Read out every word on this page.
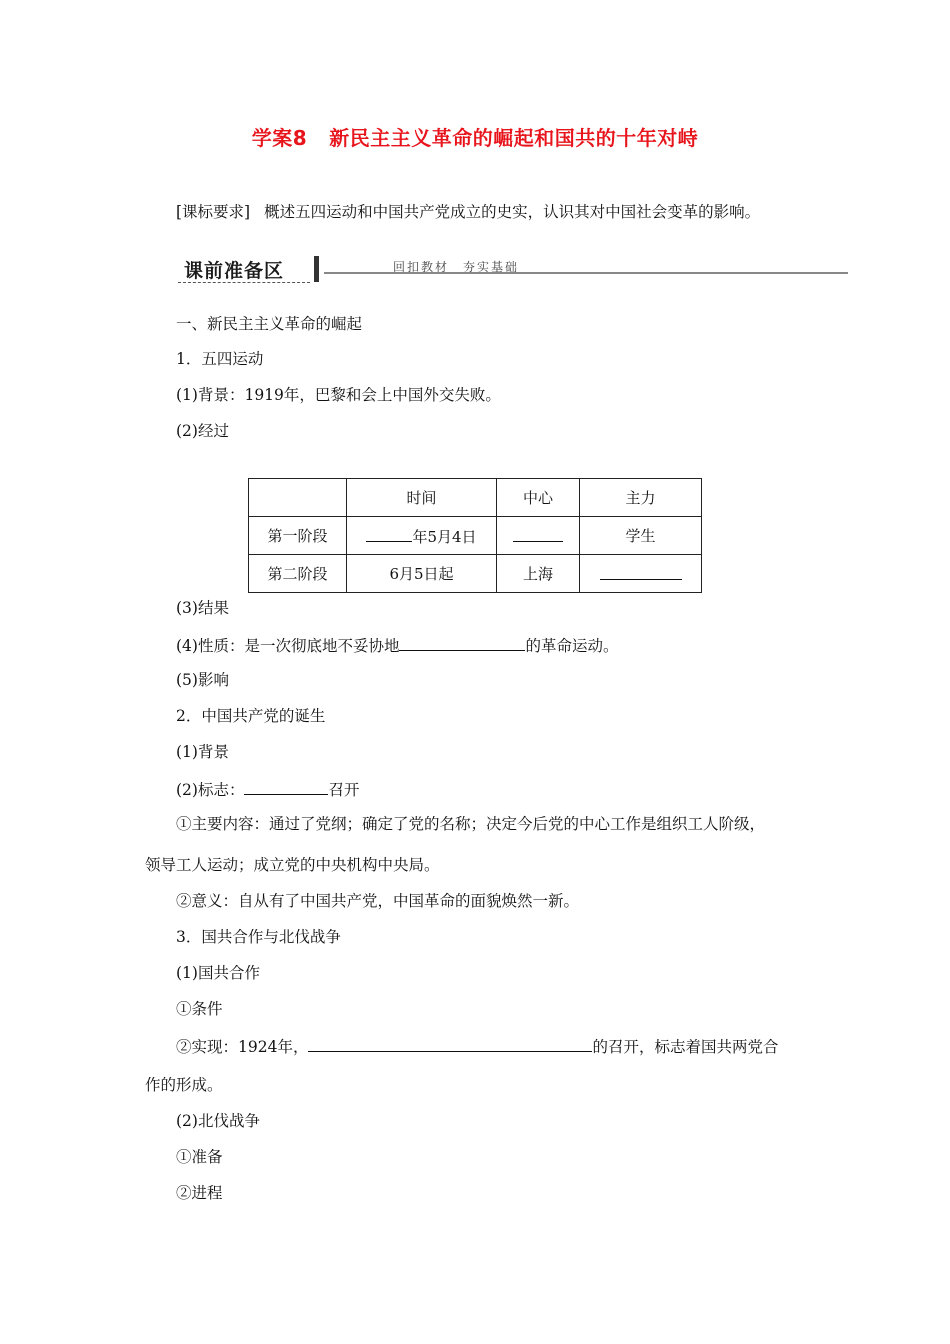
学案8 新民主主义革命的崛起和国共的十年对峙
[课标要求] 概述五四运动和中国共产党成立的史实，认识其对中国社会变革的影响。
课前准备区	回扣教材　夯实基础
一、新民主主义革命的崛起
1．五四运动
(1)背景：1919年，巴黎和会上中国外交失败。
(2)经过
	时间	中心	主力
第一阶段	年5月4日		学生
第二阶段	6月5日起	上海	
(3)结果
(4)性质：是一次彻底地不妥协地	的革命运动。
(5)影响
2．中国共产党的诞生
(1)背景
(2)标志：	召开
①主要内容：通过了党纲；确定了党的名称；决定今后党的中心工作是组织工人阶级，
领导工人运动；成立党的中央机构中央局。
②意义：自从有了中国共产党，中国革命的面貌焕然一新。
3．国共合作与北伐战争
(1)国共合作
①条件
②实现：1924年，	的召开，标志着国共两党合
作的形成。
(2)北伐战争
①准备
②进程
